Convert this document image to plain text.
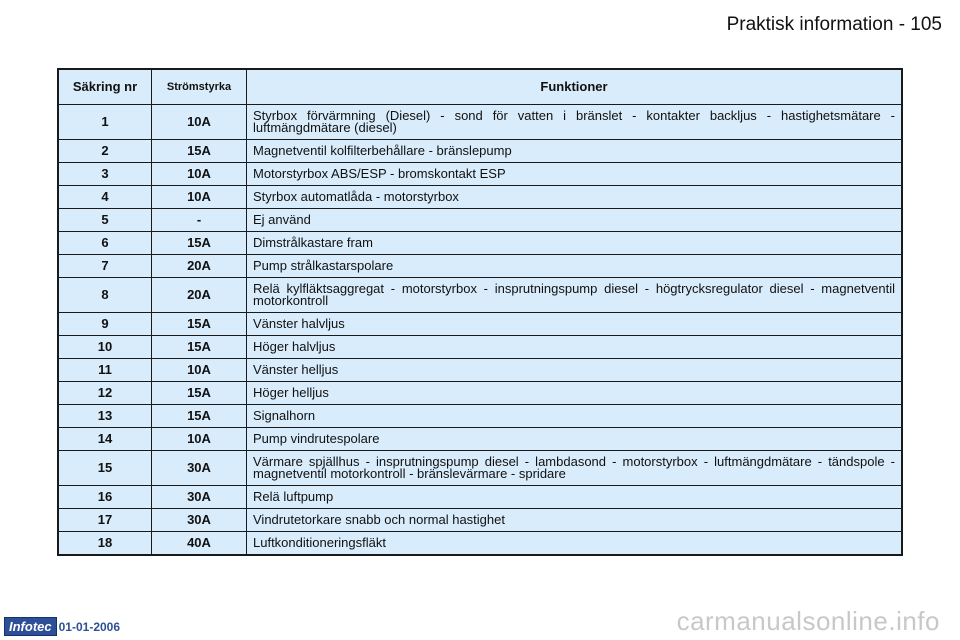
Praktisk information - 105
Säkring nr	Strömstyrka	Funktioner
1	10A	Styrbox förvärmning (Diesel) - sond för vatten i bränslet - kontakter backljus - hastighetsmätare - luftmängdmätare (diesel)
2	15A	Magnetventil kolfilterbehållare - bränslepump
3	10A	Motorstyrbox ABS/ESP - bromskontakt ESP
4	10A	Styrbox automatlåda - motorstyrbox
5	-	Ej använd
6	15A	Dimstrålkastare fram
7	20A	Pump strålkastarspolare
8	20A	Relä kylfläktsaggregat - motorstyrbox - insprutningspump diesel - högtrycksregulator diesel - magnetventil motorkontroll
9	15A	Vänster halvljus
10	15A	Höger halvljus
11	10A	Vänster helljus
12	15A	Höger helljus
13	15A	Signalhorn
14	10A	Pump vindrutespolare
15	30A	Värmare spjällhus - insprutningspump diesel - lambdasond - motorstyrbox - luftmängdmätare - tändspole - magnetventil motorkontroll - bränslevärmare - spridare
16	30A	Relä luftpump
17	30A	Vindrutetorkare snabb och normal hastighet
18	40A	Luftkonditioneringsfläkt
Infotec 01-01-2006	carmanualsonline.info
